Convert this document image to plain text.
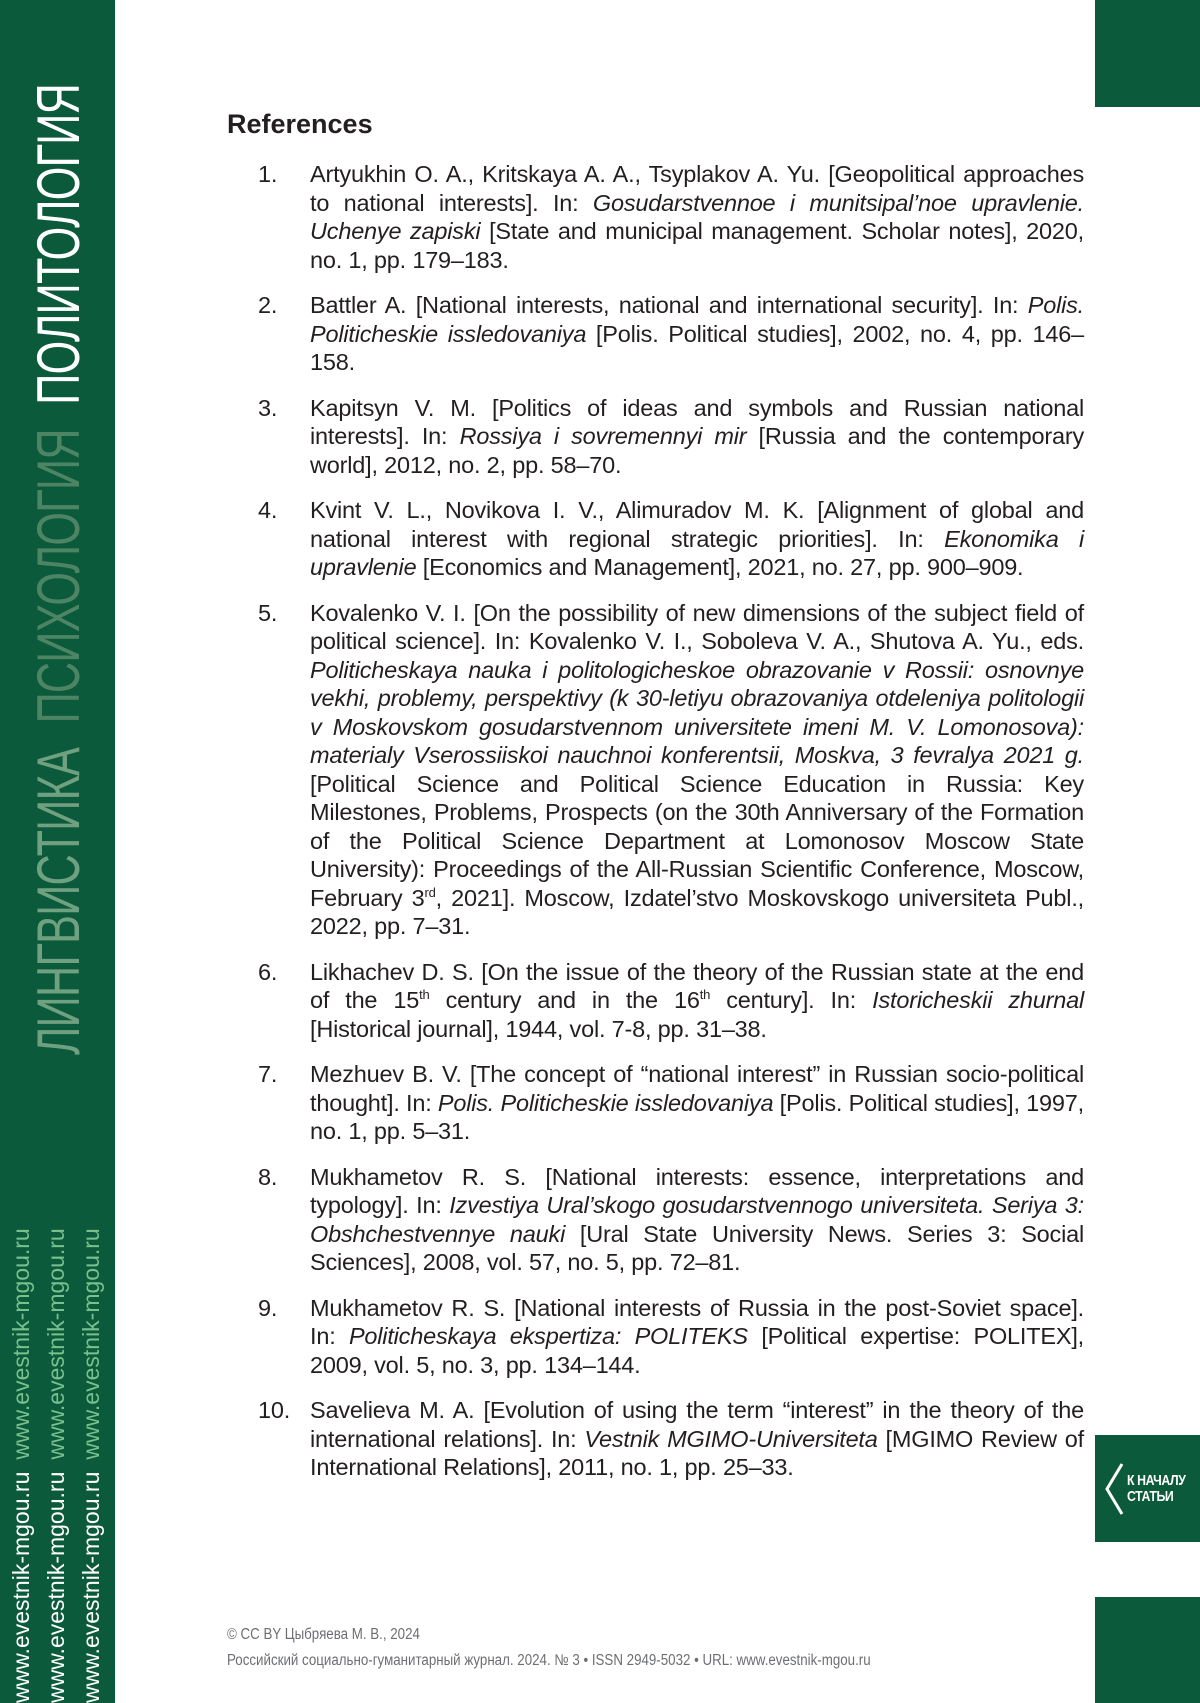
ЛИНГВИСТИКАПСИХОЛОГИЯПОЛИТОЛОГИЯ
www.evestnik-mgou.ruwww.evestnik-mgou.ru
www.evestnik-mgou.ruwww.evestnik-mgou.ru
www.evestnik-mgou.ruwww.evestnik-mgou.ru
К НАЧАЛУ
СТАТЬИ
References
1. Artyukhin O. A., Kritskaya A. A., Tsyplakov A. Yu. [Geopolitical approaches to national interests]. In: Gosudarstvennoe i munitsipal’noe upravlenie. Uchenye zapiski [State and municipal management. Scholar notes], 2020, no. 1, pp. 179–183.
2. Battler A. [National interests, national and international security]. In: Polis. Politicheskie issledovaniya [Polis. Political studies], 2002, no. 4, pp. 146–158.
3. Kapitsyn V. M. [Politics of ideas and symbols and Russian national interests]. In: Rossiya i sovremennyi mir [Russia and the contemporary world], 2012, no. 2, pp. 58–70.
4. Kvint V. L., Novikova I. V., Alimuradov M. K. [Alignment of global and national interest with regional strategic priorities]. In: Ekonomika i upravlenie [Economics and Management], 2021, no. 27, pp. 900–909.
5. Kovalenko V. I. [On the possibility of new dimensions of the subject field of political science]. In: Kovalenko V. I., Soboleva V. A., Shutova A. Yu., eds. Politicheskaya nauka i politologicheskoe obrazovanie v Rossii: osnovnye vekhi, problemy, perspektivy (k 30-letiyu obrazovaniya otdeleniya politologii v Moskovskom gosudarstvennom universitete imeni M. V. Lomonosova): materialy Vserossiiskoi nauchnoi konferentsii, Moskva, 3 fevralya 2021 g. [Political Science and Political Science Education in Russia: Key Milestones, Problems, Prospects (on the 30th Anniversary of the Formation of the Political Science Department at Lomonosov Moscow State University): Proceedings of the All-Russian Scientific Conference, Moscow, February 3rd, 2021]. Moscow, Izdatel’stvo Moskovskogo universiteta Publ., 2022, pp. 7–31.
6. Likhachev D. S. [On the issue of the theory of the Russian state at the end of the 15th century and in the 16th century]. In: Istoricheskii zhurnal [Historical journal], 1944, vol. 7-8, pp. 31–38.
7. Mezhuev B. V. [The concept of “national interest” in Russian socio-political thought]. In: Polis. Politicheskie issledovaniya [Polis. Political studies], 1997, no. 1, pp. 5–31.
8. Mukhametov R. S. [National interests: essence, interpretations and typology]. In: Izvestiya Ural’skogo gosudarstvennogo universiteta. Seriya 3: Obshchestvennye nauki [Ural State University News. Series 3: Social Sciences], 2008, vol. 57, no. 5, pp. 72–81.
9. Mukhametov R. S. [National interests of Russia in the post-Soviet space]. In: Politicheskaya ekspertiza: POLITEKS [Political expertise: POLITEX], 2009, vol. 5, no. 3, pp. 134–144.
10. Savelieva M. A. [Evolution of using the term “interest” in the theory of the international relations]. In: Vestnik MGIMO-Universiteta [MGIMO Review of International Relations], 2011, no. 1, pp. 25–33.
© CC BY Цыбряева М. В., 2024
Российский социально-гуманитарный журнал. 2024. № 3 • ISSN 2949-5032 • URL: www.evestnik-mgou.ru
